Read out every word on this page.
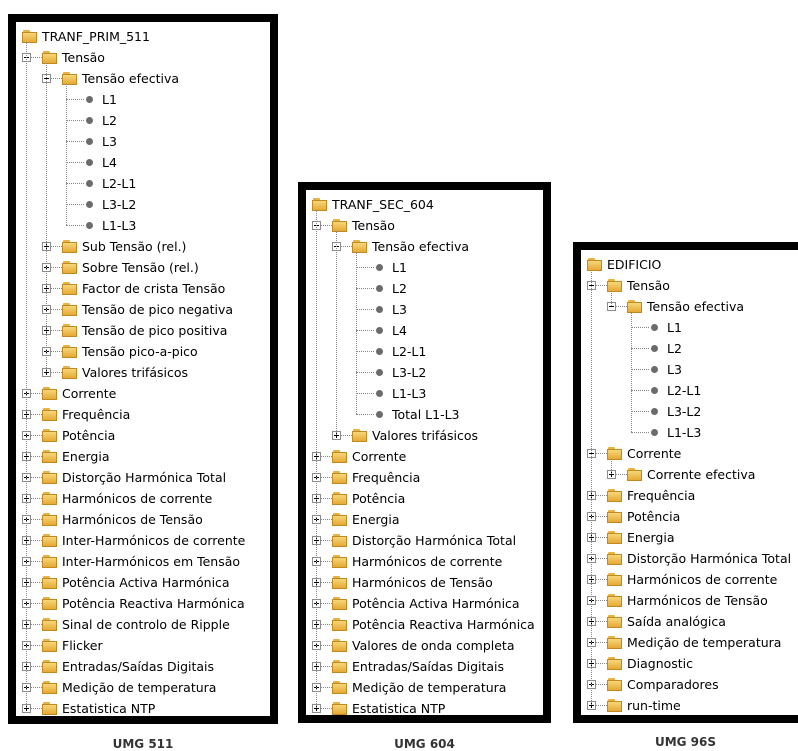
TRANF_PRIM_511
Tensão
Tensão efectiva
L1
L2
L3
L4
L2-L1
L3-L2
L1-L3
Sub Tensão (rel.)
Sobre Tensão (rel.)
Factor de crista Tensão
Tensão de pico negativa
Tensão de pico positiva
Tensão pico-a-pico
Valores trifásicos
Corrente
Frequência
Potência
Energia
Distorção Harmónica Total
Harmónicos de corrente
Harmónicos de Tensão
Inter-Harmónicos de corrente
Inter-Harmónicos em Tensão
Potência Activa Harmónica
Potência Reactiva Harmónica
Sinal de controlo de Ripple
Flicker
Entradas/Saídas Digitais
Medição de temperatura
Estatistica NTP
UMG 511
TRANF_SEC_604
Tensão
Tensão efectiva
L1
L2
L3
L4
L2-L1
L3-L2
L1-L3
Total L1-L3
Valores trifásicos
Corrente
Frequência
Potência
Energia
Distorção Harmónica Total
Harmónicos de corrente
Harmónicos de Tensão
Potência Activa Harmónica
Potência Reactiva Harmónica
Valores de onda completa
Entradas/Saídas Digitais
Medição de temperatura
Estatistica NTP
UMG 604
EDIFICIO
Tensão
Tensão efectiva
L1
L2
L3
L2-L1
L3-L2
L1-L3
Corrente
Corrente efectiva
Frequência
Potência
Energia
Distorção Harmónica Total
Harmónicos de corrente
Harmónicos de Tensão
Saída analógica
Medição de temperatura
Diagnostic
Comparadores
run-time
UMG 96S
